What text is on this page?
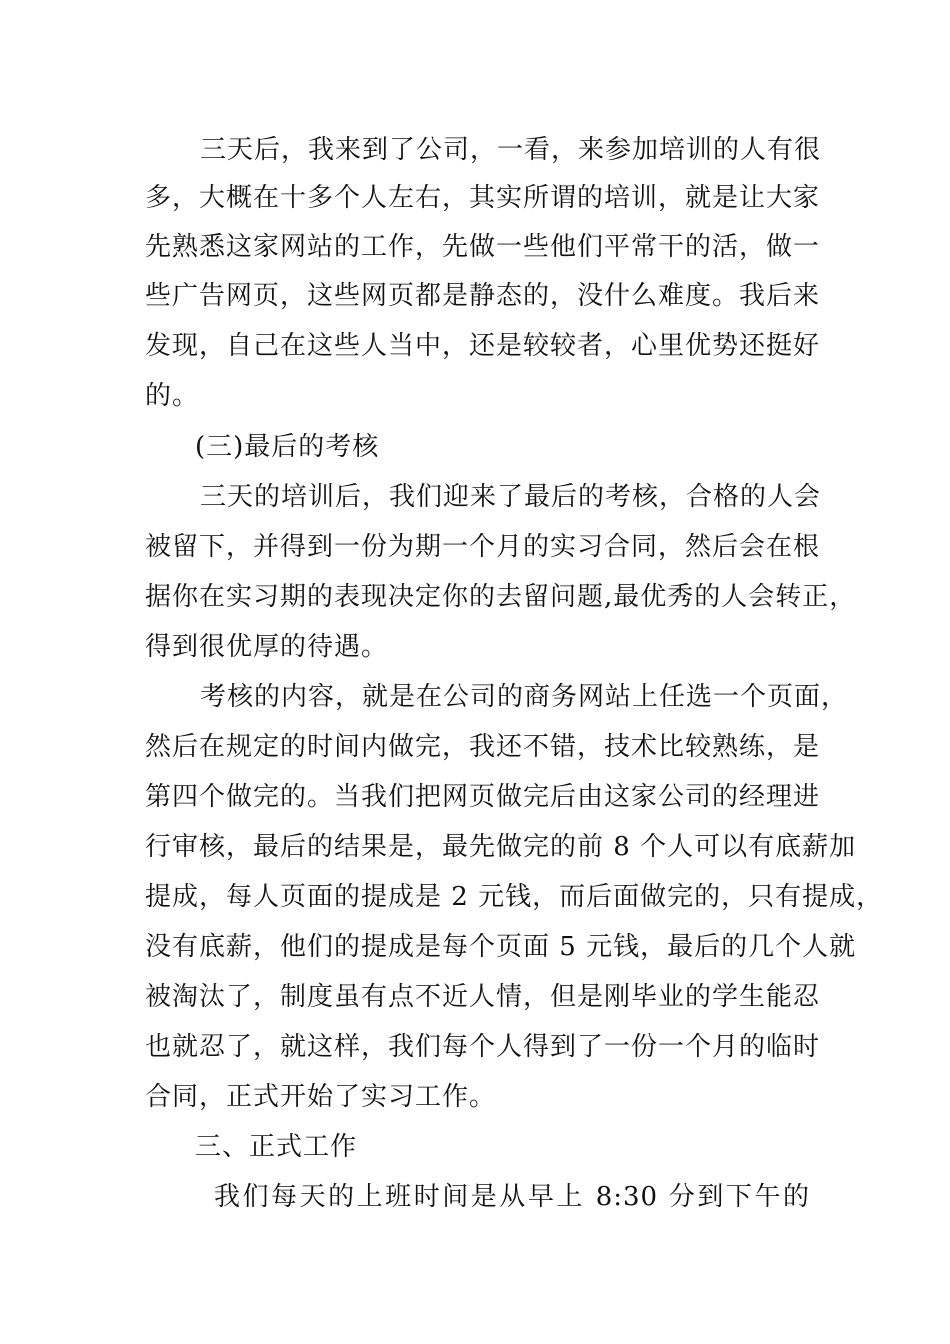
三天后，我来到了公司，一看，来参加培训的人有很
多，大概在十多个人左右，其实所谓的培训，就是让大家
先熟悉这家网站的工作，先做一些他们平常干的活，做一
些广告网页，这些网页都是静态的，没什么难度。我后来
发现，自己在这些人当中，还是较较者，心里优势还挺好
的。
(三)最后的考核
三天的培训后，我们迎来了最后的考核，合格的人会
被留下，并得到一份为期一个月的实习合同，然后会在根
据你在实习期的表现决定你的去留问题,最优秀的人会转正，
得到很优厚的待遇。
考核的内容，就是在公司的商务网站上任选一个页面，
然后在规定的时间内做完，我还不错，技术比较熟练，是
第四个做完的。当我们把网页做完后由这家公司的经理进
行审核，最后的结果是，最先做完的前 8 个人可以有底薪加
提成，每人页面的提成是 2 元钱，而后面做完的，只有提成，
没有底薪，他们的提成是每个页面 5 元钱，最后的几个人就
被淘汰了，制度虽有点不近人情，但是刚毕业的学生能忍
也就忍了，就这样，我们每个人得到了一份一个月的临时
合同，正式开始了实习工作。
三、正式工作
我们每天的上班时间是从早上 8:30 分到下午的
